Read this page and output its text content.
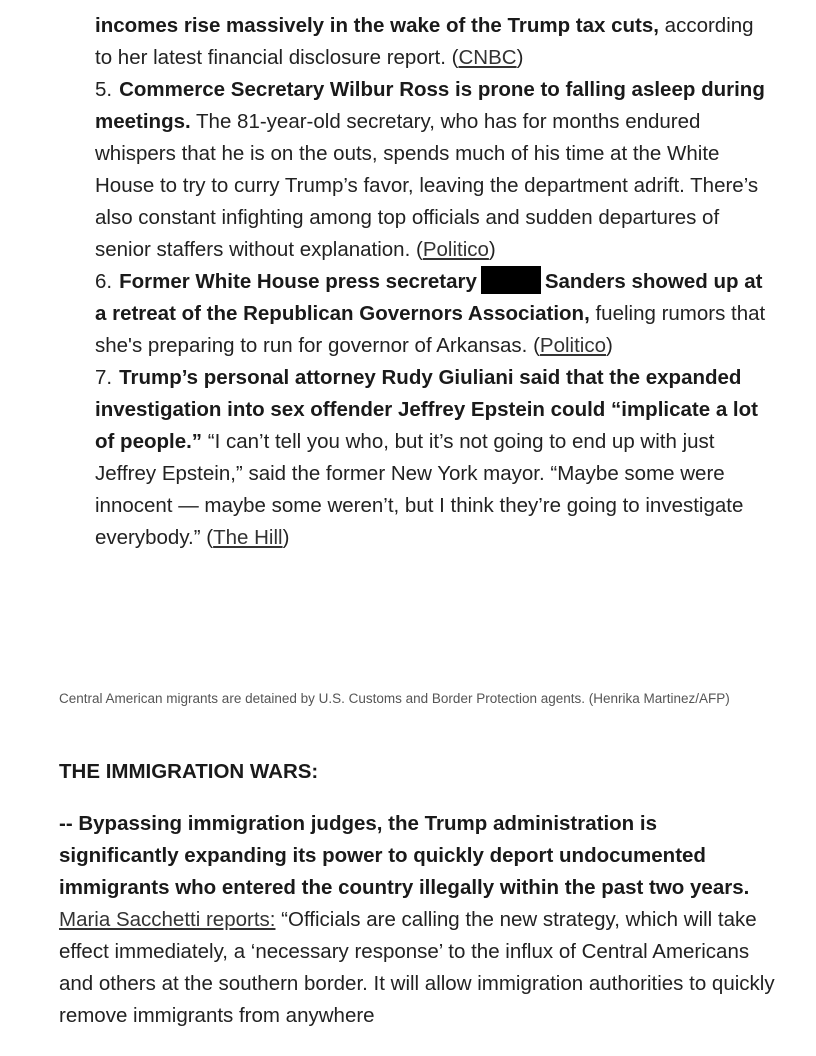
incomes rise massively in the wake of the Trump tax cuts, according to her latest financial disclosure report. (CNBC)

5. Commerce Secretary Wilbur Ross is prone to falling asleep during meetings. The 81-year-old secretary, who has for months endured whispers that he is on the outs, spends much of his time at the White House to try to curry Trump’s favor, leaving the department adrift. There’s also constant infighting among top officials and sudden departures of senior staffers without explanation. (Politico)

6. Former White House press secretary	Sanders showed up at a retreat of the Republican Governors Association, fueling rumors that she's preparing to run for governor of Arkansas. (Politico)

7. Trump’s personal attorney Rudy Giuliani said that the expanded investigation into sex offender Jeffrey Epstein could “implicate a lot of people.” “I can’t tell you who, but it’s not going to end up with just Jeffrey Epstein,” said the former New York mayor. “Maybe some were innocent — maybe some weren’t, but I think they’re going to investigate everybody.” (The Hill)

Central American migrants are detained by U.S. Customs and Border Protection agents. (Henrika Martinez/AFP)
THE IMMIGRATION WARS:

-- Bypassing immigration judges, the Trump administration is significantly expanding its power to quickly deport undocumented immigrants who entered the country illegally within the past two years. Maria Sacchetti reports: “Officials are calling the new strategy, which will take effect immediately, a ‘necessary response’ to the influx of Central Americans and others at the southern border. It will allow immigration authorities to quickly remove immigrants from anywhere
